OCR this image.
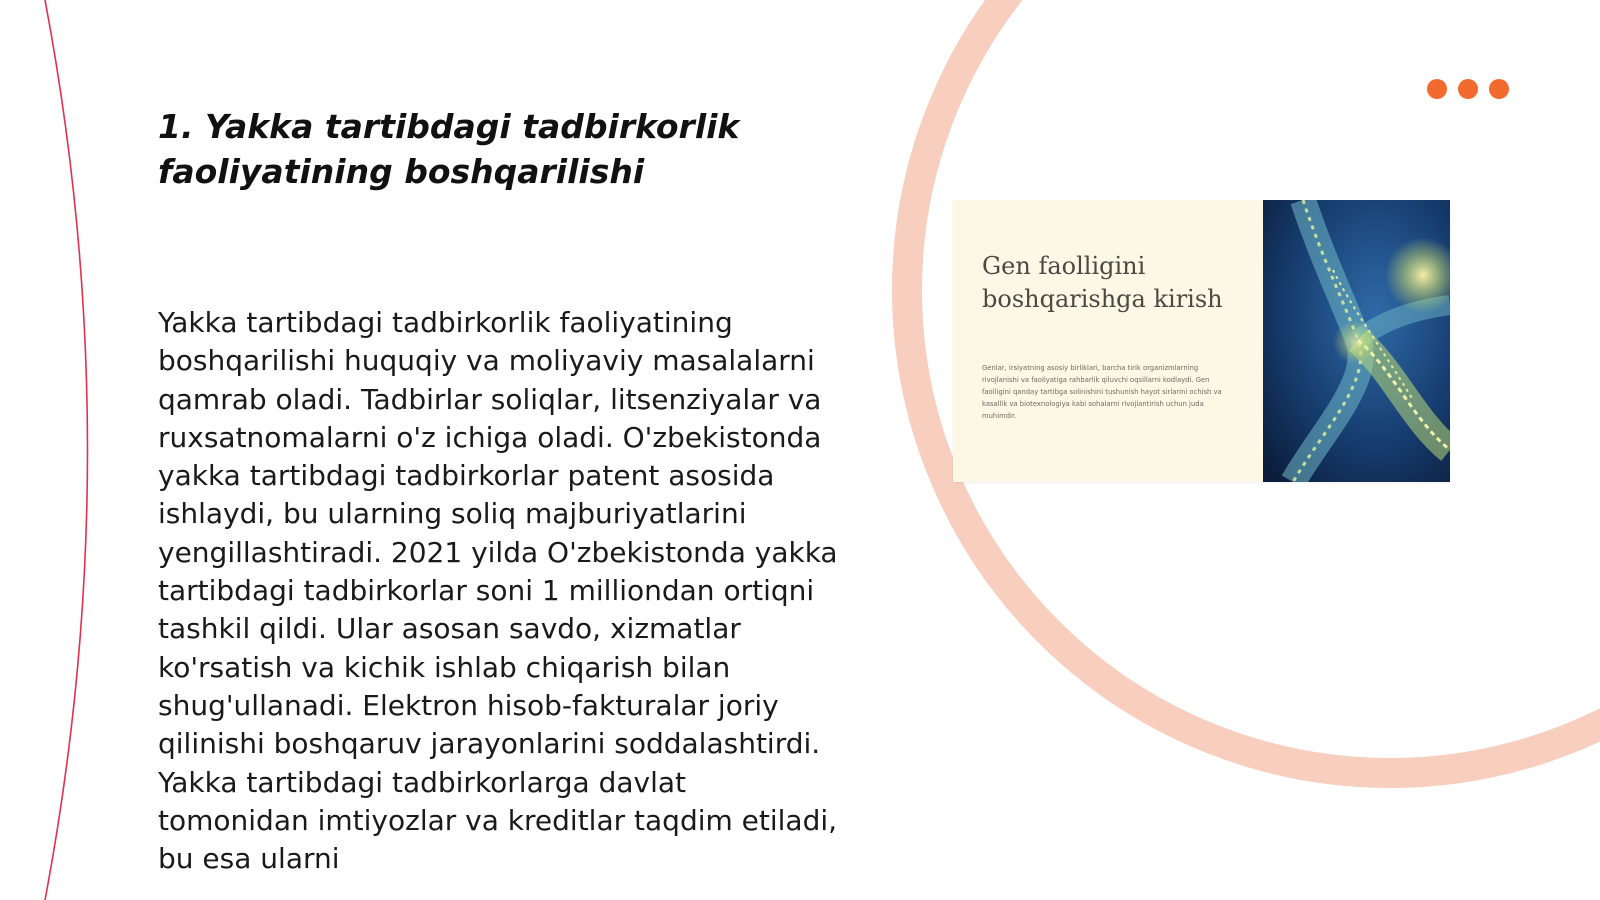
1. Yakka tartibdagi tadbirkorlik faoliyatining boshqarilishi

Yakka tartibdagi tadbirkorlik faoliyatining boshqarilishi huquqiy va moliyaviy masalalarni qamrab oladi. Tadbirlar soliqlar, litsenziyalar va ruxsatnomalarni o'z ichiga oladi. O'zbekistonda yakka tartibdagi tadbirkorlar patent asosida ishlaydi, bu ularning soliq majburiyatlarini yengillashtiradi. 2021 yilda O'zbekistonda yakka tartibdagi tadbirkorlar soni 1 milliondan ortiqni tashkil qildi. Ular asosan savdo, xizmatlar ko'rsatish va kichik ishlab chiqarish bilan shug'ullanadi. Elektron hisob-fakturalar joriy qilinishi boshqaruv jarayonlarini soddalashtirdi. Yakka tartibdagi tadbirkorlarga davlat tomonidan imtiyozlar va kreditlar taqdim etiladi, bu esa ularni

Gen faolligini boshqarishga kirish
Genlar, irsiyatning asosiy birliklari, barcha tirik organizmlarning rivojlanishi va faoliyatiga rahbarlik qiluvchi oqsillarni kodlaydi. Gen faolligini qanday tartibga solinishini tushunish hayot sirlarini ochish va kasallik va biotexnologiya kabi sohalarni rivojlantirish uchun juda muhimdir.
